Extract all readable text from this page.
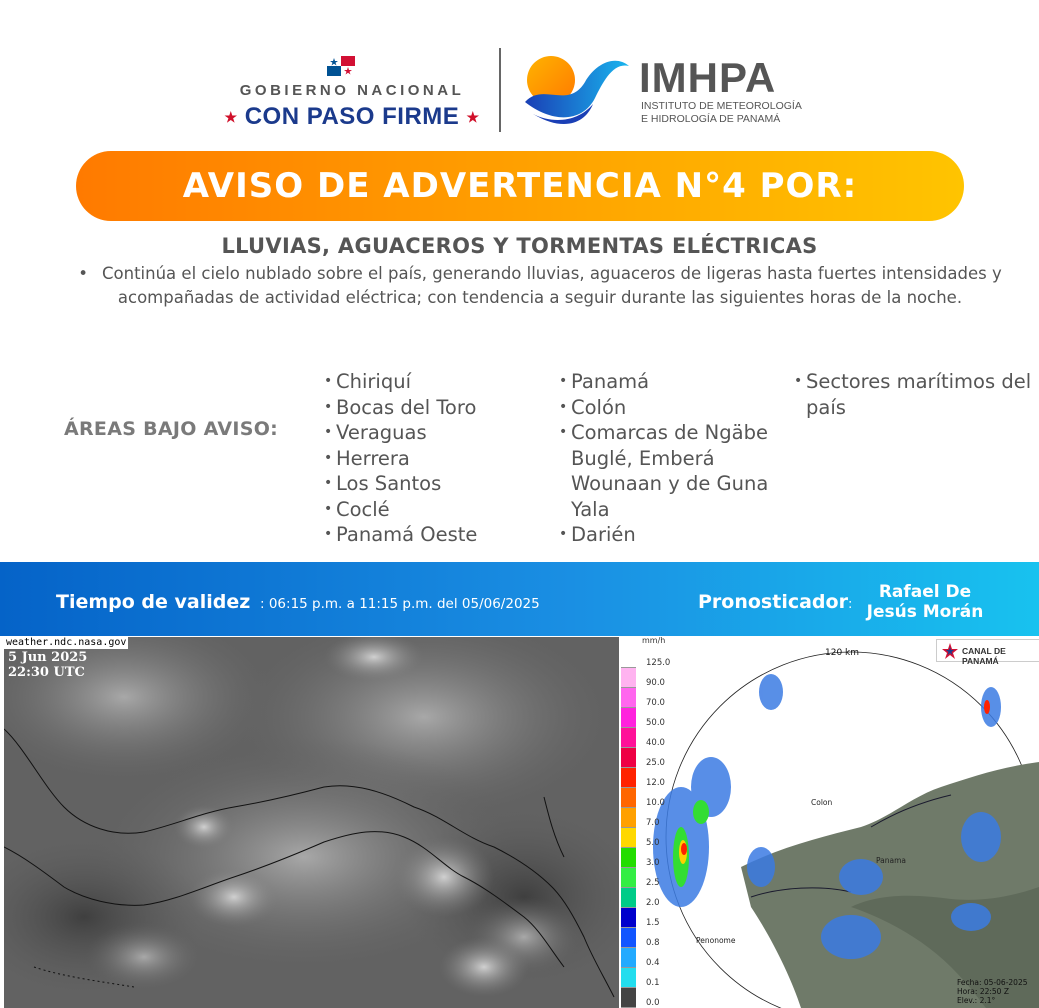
GOBIERNO NACIONAL
★ CON PASO FIRME ★
IMHPA
INSTITUTO DE METEOROLOGÍA
E HIDROLOGÍA DE PANAMÁ
AVISO DE ADVERTENCIA N°4 POR:
LLUVIAS, AGUACEROS Y TORMENTAS ELÉCTRICAS
• Continúa el cielo nublado sobre el país, generando lluvias, aguaceros de ligeras hasta fuertes intensidades y acompañadas de actividad eléctrica; con tendencia a seguir durante las siguientes horas de la noche.
ÁREAS BAJO AVISO:
• Chiriquí
• Bocas del Toro
• Veraguas
• Herrera
• Los Santos
• Coclé
• Panamá Oeste
• Panamá
• Colón
• Comarcas de Ngäbe Buglé, Emberá Wounaan y de Guna Yala
• Darién
• Sectores marítimos del país
Tiempo de validez : 06:15 p.m. a 11:15 p.m. del 05/06/2025	Pronosticador:
Rafael De
Jesús Morán
weather.ndc.nasa.gov
5 Jun 2025
22:30 UTC
mm/h
125.0
90.0
70.0
50.0
40.0
25.0
12.0
10.0
7.0
5.0
3.0
2.5
2.0
1.5
0.8
0.4
0.1
0.0
CANAL DE PANAMÁ
120 km
Colon
Panama
Penonome
Fecha: 05-06-2025
Hora: 22:50 Z
Elev.: 2.1°
